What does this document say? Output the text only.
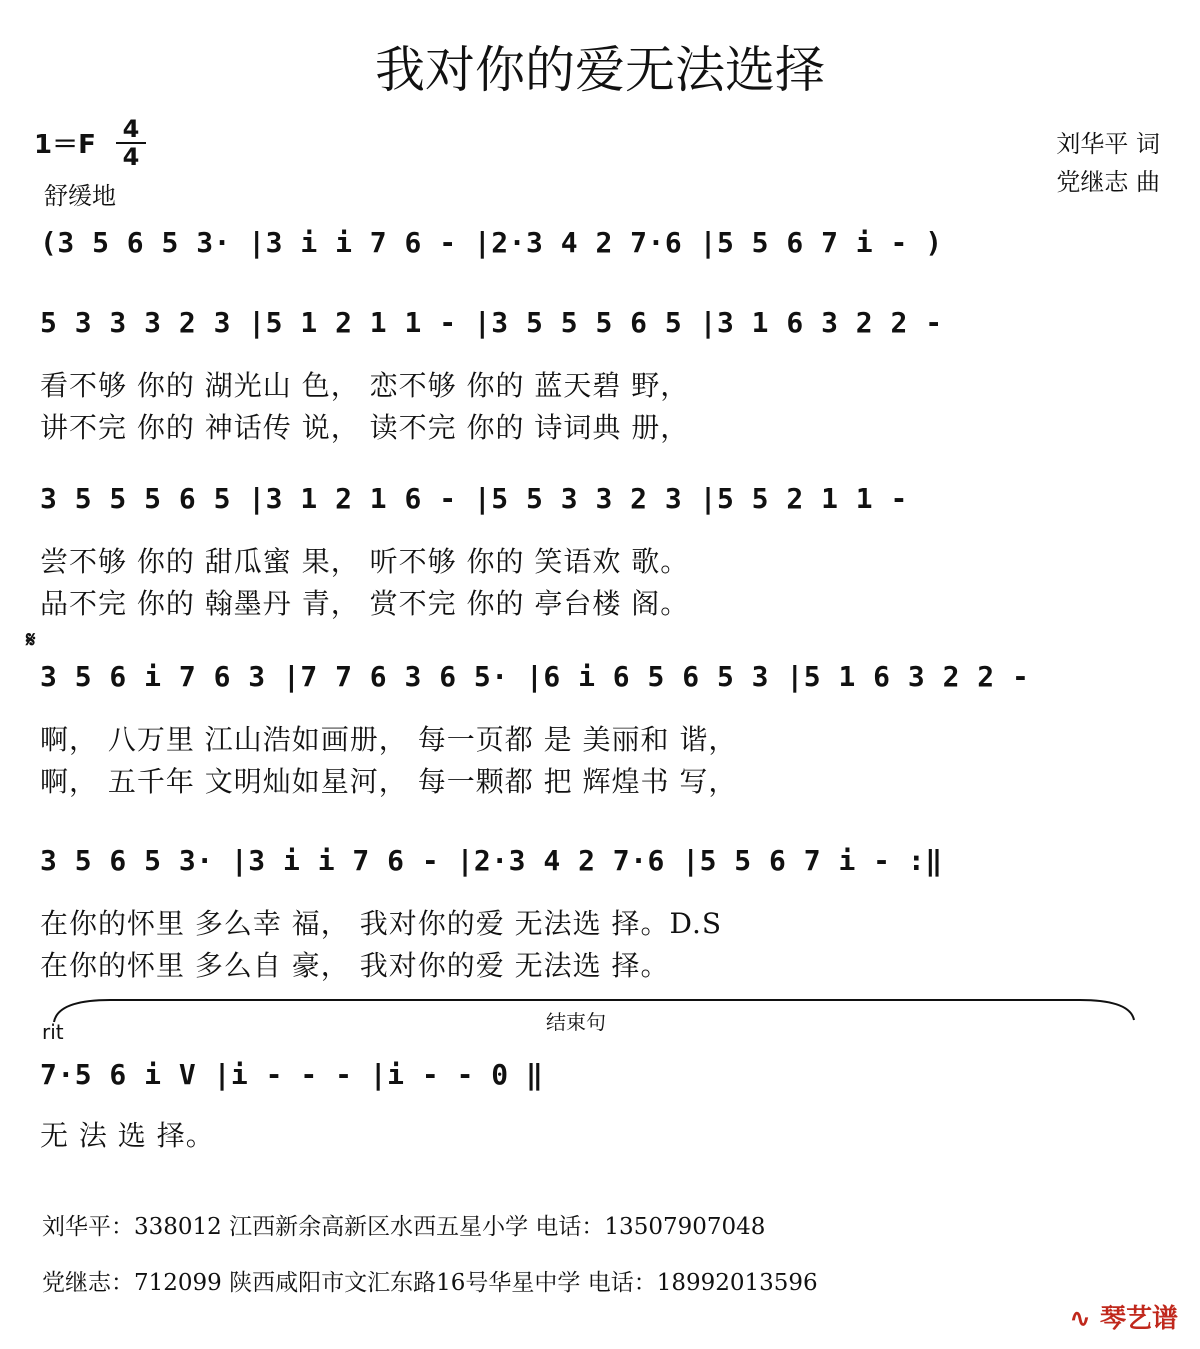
我对你的爱无法选择
1＝F
4
4
舒缓地
刘华平 词
党继志 曲
(3 5 6 5 3· |3 i i 7 6 - |2·3 4 2 7·6 |5 5 6 7 i - )
5 3 3 3 2 3 |5 1 2 1 1 - |3 5 5 5 6 5 |3 1 6 3 2 2 -
看不够 你的 湖光山 色， 恋不够 你的 蓝天碧 野，
讲不完 你的 神话传 说， 读不完 你的 诗词典 册，
3 5 5 5 6 5 |3 1 2 1 6 - |5 5 3 3 2 3 |5 5 2 1 1 -
尝不够 你的 甜瓜蜜 果， 听不够 你的 笑语欢 歌。
品不完 你的 翰墨丹 青， 赏不完 你的 亭台楼 阁。
𝄋
3 5 6 i 7 6 3 |7 7 6 3 6 5· |6 i 6 5 6 5 3 |5 1 6 3 2 2 -
啊， 八万里 江山浩如画册， 每一页都 是 美丽和 谐，
啊， 五千年 文明灿如星河， 每一颗都 把 辉煌书 写，
3 5 6 5 3· |3 i i 7 6 - |2·3 4 2 7·6 |5 5 6 7 i - :‖
在你的怀里 多么幸 福， 我对你的爱 无法选 择。D.S
在你的怀里 多么自 豪， 我对你的爱 无法选 择。
结束句
rit
7·5 6 i V |i - - - |i - - 0 ‖
无 法 选 择。
刘华平：338012 江西新余高新区水西五星小学 电话：13507907048
党继志：712099 陕西咸阳市文汇东路16号华星中学 电话：18992013596
∿ 琴艺谱
